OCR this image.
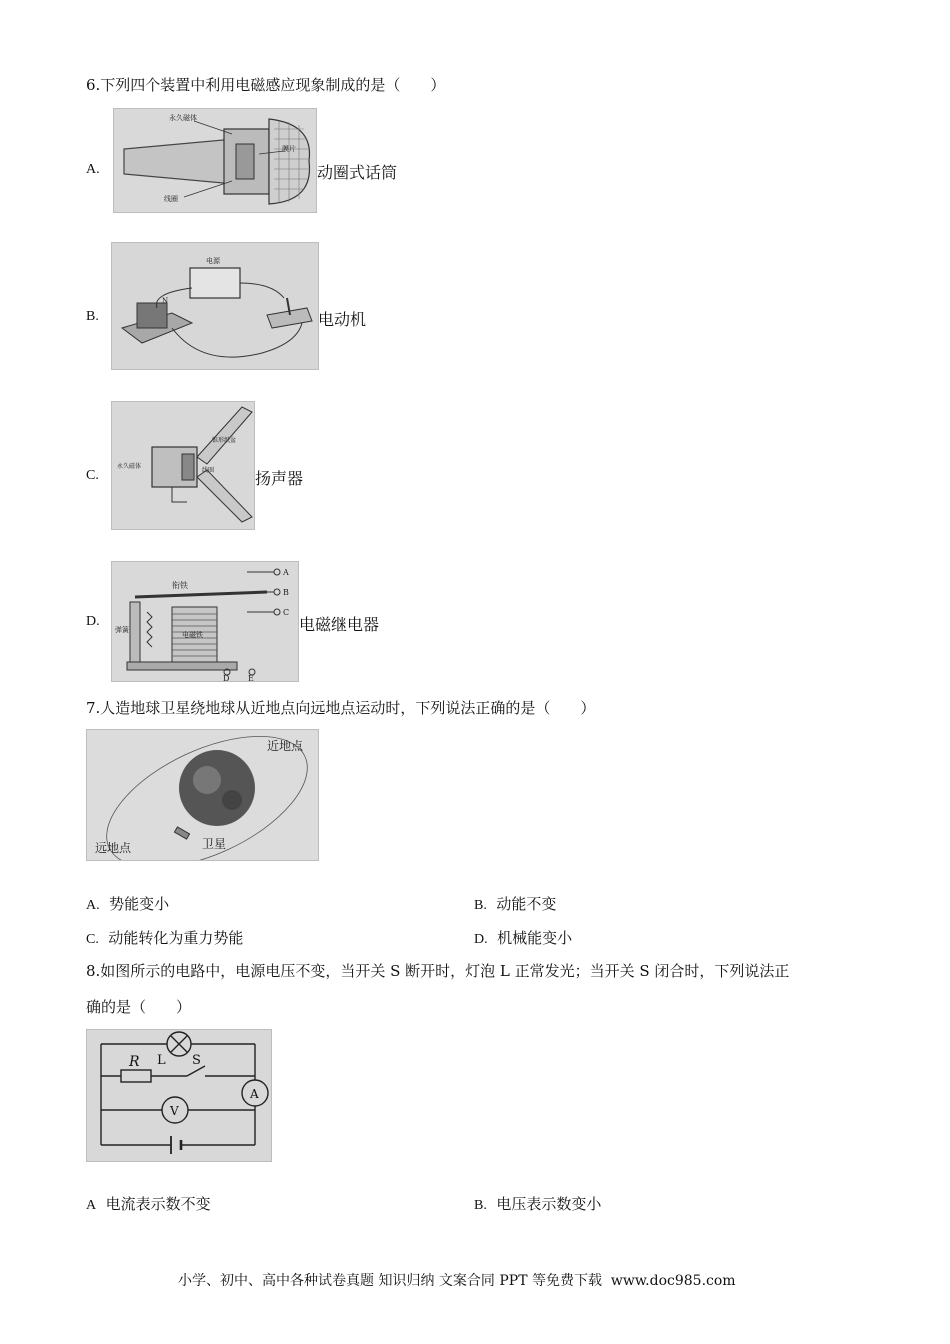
6.下列四个装置中利用电磁感应现象制成的是（　　）
A.
永久磁体
线圈
膜片
动圈式话筒
B.
电源
N
电动机
C.
永久磁体
线圈
锥形纸盆
扬声器
D.
衔铁
弹簧
电磁铁
A
B
C
D E
电磁继电器
7.人造地球卫星绕地球从近地点向远地点运动时，下列说法正确的是（　　）
近地点
远地点	卫星
A. 势能变小	B. 动能不变
C. 动能转化为重力势能	D. 机械能变小
8.如图所示的电路中，电源电压不变，当开关 S 断开时，灯泡 L 正常发光；当开关 S 闭合时，下列说法正
确的是（　　）
R L S
A
V
A 电流表示数不变	B. 电压表示数变小
小学、初中、高中各种试卷真题 知识归纳 文案合同 PPT 等免费下载 www.doc985.com
